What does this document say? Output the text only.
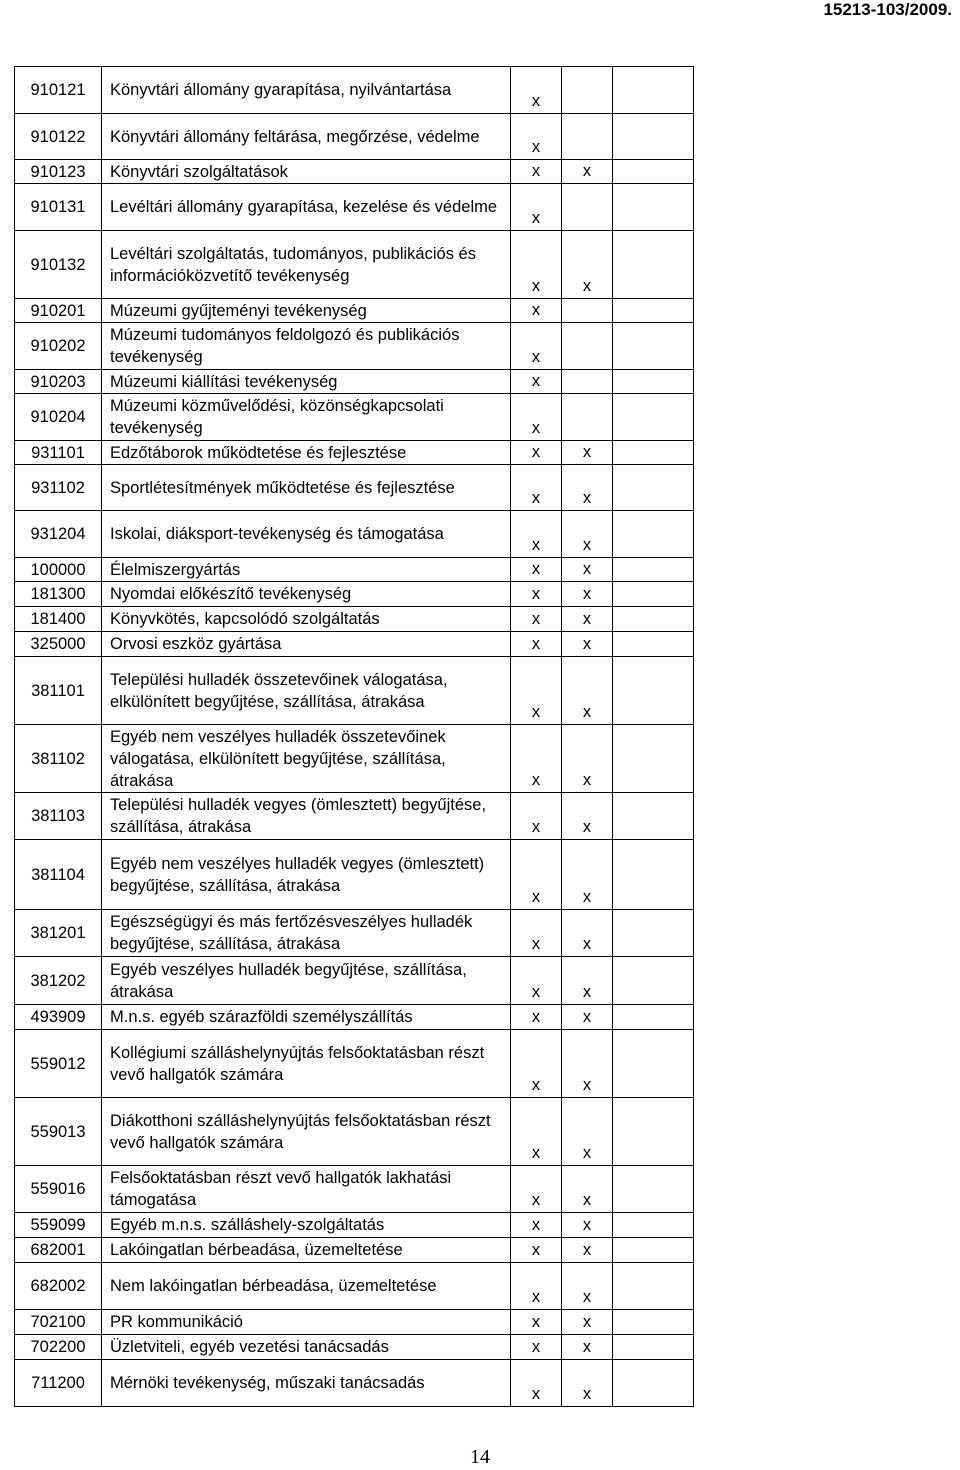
15213-103/2009.
910121	Könyvtári állomány gyarapítása, nyilvántartása	x		
910122	Könyvtári állomány feltárása, megőrzése, védelme	x		
910123	Könyvtári szolgáltatások	x	x	
910131	Levéltári állomány gyarapítása, kezelése és védelme	x		
910132	Levéltári szolgáltatás, tudományos, publikációs és információközvetítő tevékenység	x	x	
910201	Múzeumi gyűjteményi tevékenység	x		
910202	Múzeumi tudományos feldolgozó és publikációs tevékenység	x		
910203	Múzeumi kiállítási tevékenység	x		
910204	Múzeumi közművelődési, közönségkapcsolati tevékenység	x		
931101	Edzőtáborok működtetése és fejlesztése	x	x	
931102	Sportlétesítmények működtetése és fejlesztése	x	x	
931204	Iskolai, diáksport-tevékenység és támogatása	x	x	
100000	Élelmiszergyártás	x	x	
181300	Nyomdai előkészítő tevékenység	x	x	
181400	Könyvkötés, kapcsolódó szolgáltatás	x	x	
325000	Orvosi eszköz gyártása	x	x	
381101	Települési hulladék összetevőinek válogatása, elkülönített begyűjtése, szállítása, átrakása	x	x	
381102	Egyéb nem veszélyes hulladék összetevőinek válogatása, elkülönített begyűjtése, szállítása, átrakása	x	x	
381103	Települési hulladék vegyes (ömlesztett) begyűjtése, szállítása, átrakása	x	x	
381104	Egyéb nem veszélyes hulladék vegyes (ömlesztett) begyűjtése, szállítása, átrakása	x	x	
381201	Egészségügyi és más fertőzésveszélyes hulladék begyűjtése, szállítása, átrakása	x	x	
381202	Egyéb veszélyes hulladék begyűjtése, szállítása, átrakása	x	x	
493909	M.n.s. egyéb szárazföldi személyszállítás	x	x	
559012	Kollégiumi szálláshelynyújtás felsőoktatásban részt vevő hallgatók számára	x	x	
559013	Diákotthoni szálláshelynyújtás felsőoktatásban részt vevő hallgatók számára	x	x	
559016	Felsőoktatásban részt vevő hallgatók lakhatási támogatása	x	x	
559099	Egyéb m.n.s. szálláshely-szolgáltatás	x	x	
682001	Lakóingatlan bérbeadása, üzemeltetése	x	x	
682002	Nem lakóingatlan bérbeadása, üzemeltetése	x	x	
702100	PR kommunikáció	x	x	
702200	Üzletviteli, egyéb vezetési tanácsadás	x	x	
711200	Mérnöki tevékenység, műszaki tanácsadás	x	x	
14
